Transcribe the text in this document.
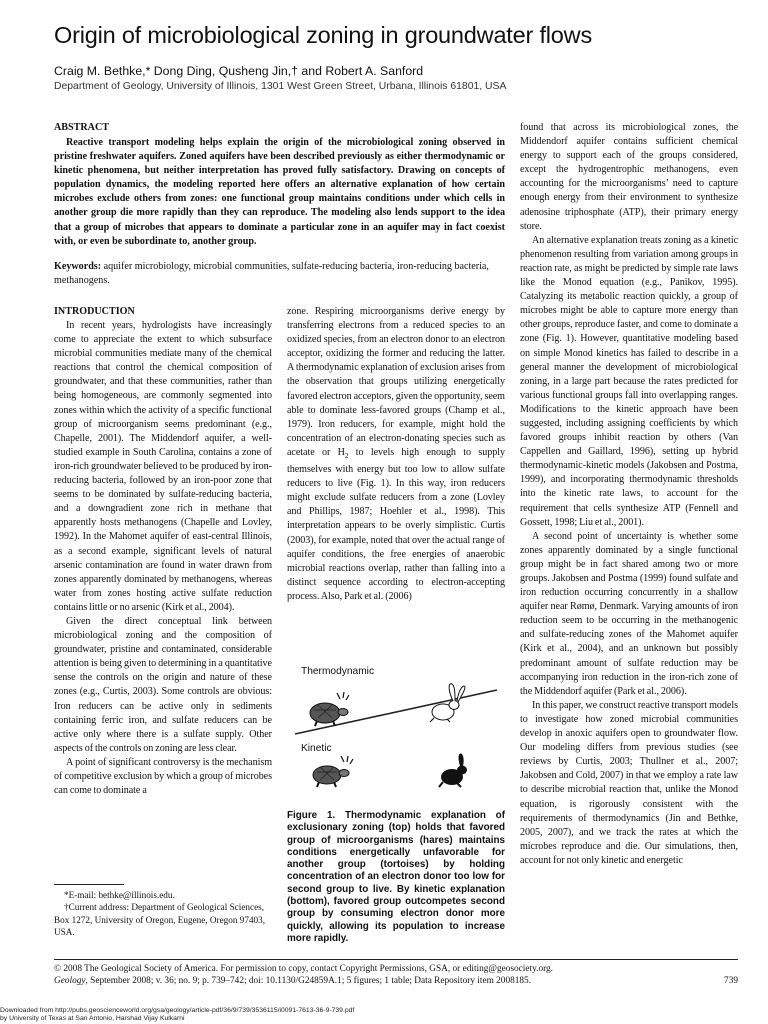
Origin of microbiological zoning in groundwater flows
Craig M. Bethke,* Dong Ding, Qusheng Jin,† and Robert A. Sanford
Department of Geology, University of Illinois, 1301 West Green Street, Urbana, Illinois 61801, USA
ABSTRACT

Reactive transport modeling helps explain the origin of the microbiological zoning observed in pristine freshwater aquifers. Zoned aquifers have been described previously as either thermodynamic or kinetic phenomena, but neither interpretation has proved fully satisfactory. Drawing on concepts of population dynamics, the modeling reported here offers an alternative explanation of how certain microbes exclude others from zones: one functional group maintains conditions under which cells in another group die more rapidly than they can reproduce. The modeling also lends support to the idea that a group of microbes that appears to dominate a particular zone in an aquifer may in fact coexist with, or even be subordinate to, another group.

Keywords: aquifer microbiology, microbial communities, sulfate-reducing bacteria, iron-reducing bacteria, methanogens.

INTRODUCTION

In recent years, hydrologists have increasingly come to appreciate the extent to which subsurface microbial communities mediate many of the chemical reactions that control the chemical composition of groundwater, and that these communities, rather than being homogeneous, are commonly segmented into zones within which the activity of a specific functional group of microorganism seems predominant (e.g., Chapelle, 2001). The Middendorf aquifer, a well-studied example in South Carolina, contains a zone of iron-rich groundwater believed to be produced by iron-reducing bacteria, followed by an iron-poor zone that seems to be dominated by sulfate-reducing bacteria, and a downgradient zone rich in methane that apparently hosts methanogens (Chapelle and Lovley, 1992). In the Mahomet aquifer of east-central Illinois, as a second example, significant levels of natural arsenic contamination are found in water drawn from zones apparently dominated by methanogens, whereas water from zones hosting active sulfate reduction contains little or no arsenic (Kirk et al., 2004).

Given the direct conceptual link between microbiological zoning and the composition of groundwater, pristine and contaminated, considerable attention is being given to determining in a quantitative sense the controls on the origin and nature of these zones (e.g., Curtis, 2003). Some controls are obvious: Iron reducers can be active only in sediments containing ferric iron, and sulfate reducers can be active only where there is a sulfate supply. Other aspects of the controls on zoning are less clear.

A point of significant controversy is the mechanism of competitive exclusion by which a group of microbes can come to dominate a

*E-mail: bethke@illinois.edu.

†Current address: Department of Geological Sciences, Box 1272, University of Oregon, Eugene, Oregon 97403, USA.

zone. Respiring microorganisms derive energy by transferring electrons from a reduced species to an oxidized species, from an electron donor to an electron acceptor, oxidizing the former and reducing the latter. A thermodynamic explanation of exclusion arises from the observation that groups utilizing energetically favored electron acceptors, given the opportunity, seem able to dominate less-favored groups (Champ et al., 1979). Iron reducers, for example, might hold the concentration of an electron-donating species such as acetate or $H_2$ to levels high enough to supply themselves with energy but too low to allow sulfate reducers to live (Fig. 1). In this way, iron reducers might exclude sulfate reducers from a zone (Lovley and Phillips, 1987; Hoehler et al., 1998). This interpretation appears to be overly simplistic. Curtis (2003), for example, noted that over the actual range of aquifer conditions, the free energies of anaerobic microbial reactions overlap, rather than falling into a distinct sequence according to electron-accepting process. Also, Park et al. (2006)

Thermodynamic
Kinetic
Figure 1. Thermodynamic explanation of exclusionary zoning (top) holds that favored group of microorganisms (hares) maintains conditions energetically unfavorable for another group (tortoises) by holding concentration of an electron donor too low for second group to live. By kinetic explanation (bottom), favored group outcompetes second group by consuming electron donor more quickly, allowing its population to increase more rapidly.

found that across its microbiological zones, the Middendorf aquifer contains sufficient chemical energy to support each of the groups considered, except the hydrogentrophic methanogens, even accounting for the microorganisms’ need to capture enough energy from their environment to synthesize adenosine triphosphate (ATP), their primary energy store.

An alternative explanation treats zoning as a kinetic phenomenon resulting from variation among groups in reaction rate, as might be predicted by simple rate laws like the Monod equation (e.g., Panikov, 1995). Catalyzing its metabolic reaction quickly, a group of microbes might be able to capture more energy than other groups, reproduce faster, and come to dominate a zone (Fig. 1). However, quantitative modeling based on simple Monod kinetics has failed to describe in a general manner the development of microbiological zoning, in a large part because the rates predicted for various functional groups fall into overlapping ranges. Modifications to the kinetic approach have been suggested, including assigning coefficients by which favored groups inhibit reaction by others (Van Cappellen and Gaillard, 1996), setting up hybrid thermodynamic-kinetic models (Jakobsen and Postma, 1999), and incorporating thermodynamic thresholds into the kinetic rate laws, to account for the requirement that cells synthesize ATP (Fennell and Gossett, 1998; Liu et al., 2001).

A second point of uncertainty is whether some zones apparently dominated by a single functional group might be in fact shared among two or more groups. Jakobsen and Postma (1999) found sulfate and iron reduction occurring concurrently in a shallow aquifer near Rømø, Denmark. Varying amounts of iron reduction seem to be occurring in the methanogenic and sulfate-reducing zones of the Mahomet aquifer (Kirk et al., 2004), and an unknown but possibly predominant amount of sulfate reduction may be accompanying iron reduction in the iron-rich zone of the Middendorf aquifer (Park et al., 2006).

In this paper, we construct reactive transport models to investigate how zoned microbial communities develop in anoxic aquifers open to groundwater flow. Our modeling differs from previous studies (see reviews by Curtis, 2003; Thullner et al., 2007; Jakobsen and Cold, 2007) in that we employ a rate law to describe microbial reaction that, unlike the Monod equation, is rigorously consistent with the requirements of thermodynamics (Jin and Bethke, 2005, 2007), and we track the rates at which the microbes reproduce and die. Our simulations, then, account for not only kinetic and energetic

© 2008 The Geological Society of America. For permission to copy, contact Copyright Permissions, GSA, or editing@geosociety.org.
Geology, September 2008; v. 36; no. 9; p. 739–742; doi: 10.1130/G24859A.1; 5 figures; 1 table; Data Repository item 2008185.	739
Downloaded from http://pubs.geoscienceworld.org/gsa/geology/article-pdf/36/9/739/3536115/i0091-7613-36-9-739.pdf
by University of Texas at San Antonio, Harshad Vijay Kulkarni
